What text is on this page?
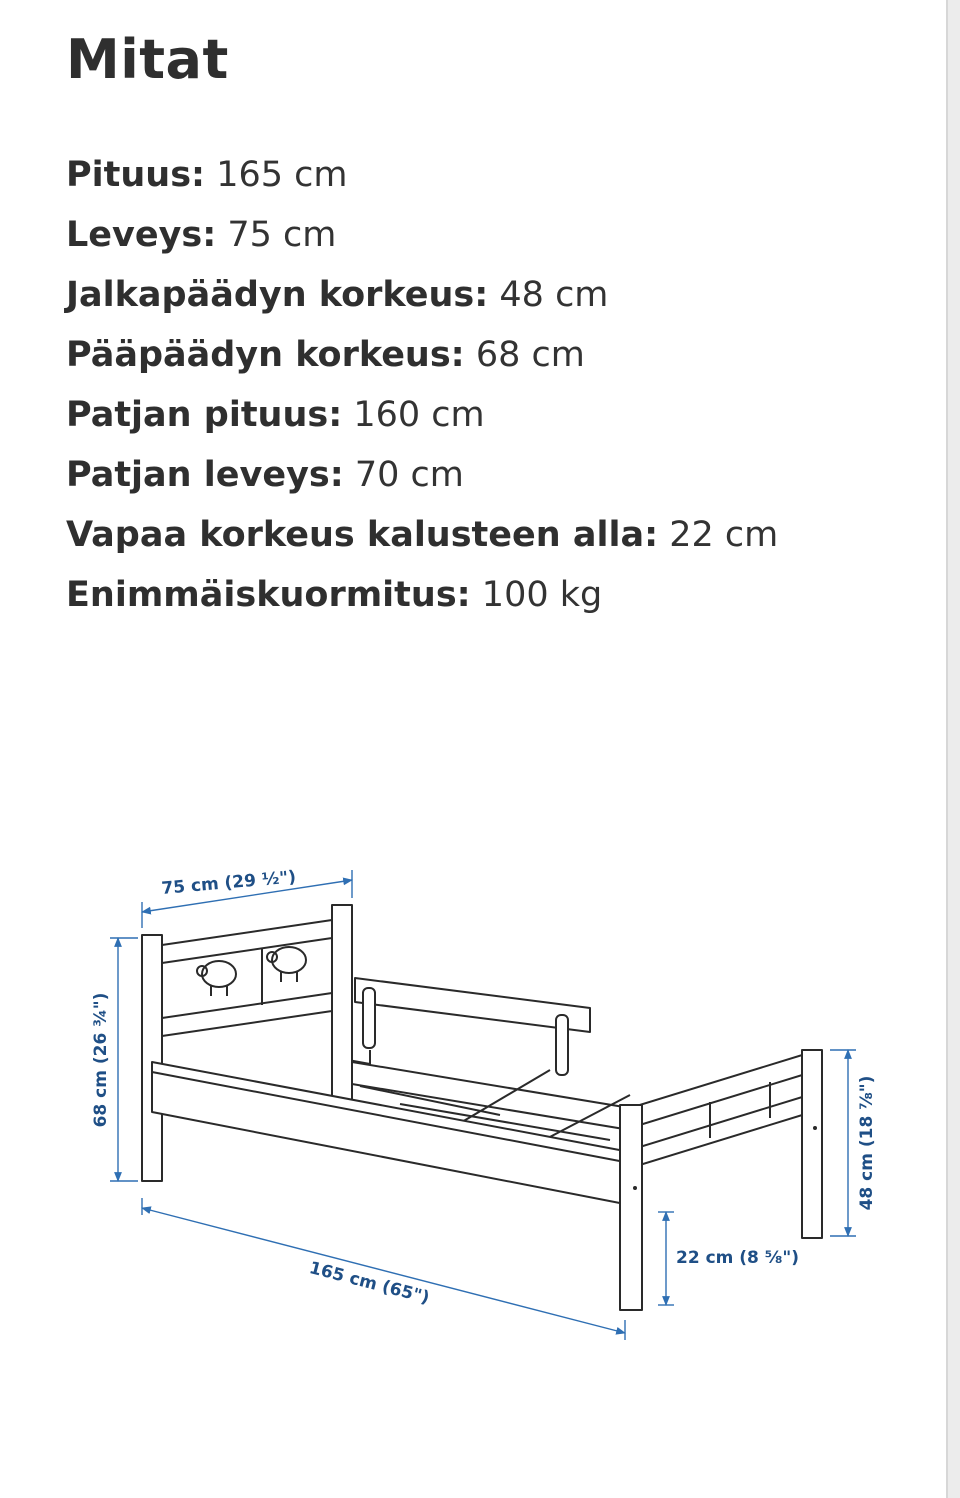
Mitat
Pituus: 165 cm
Leveys: 75 cm
Jalkapäädyn korkeus: 48 cm
Pääpäädyn korkeus: 68 cm
Patjan pituus: 160 cm
Patjan leveys: 70 cm
Vapaa korkeus kalusteen alla: 22 cm
Enimmäiskuormitus: 100 kg
75 cm (29 ½")
68 cm (26 ¾")
165 cm (65")
22 cm (8 ⅝")
48 cm (18 ⅞")
